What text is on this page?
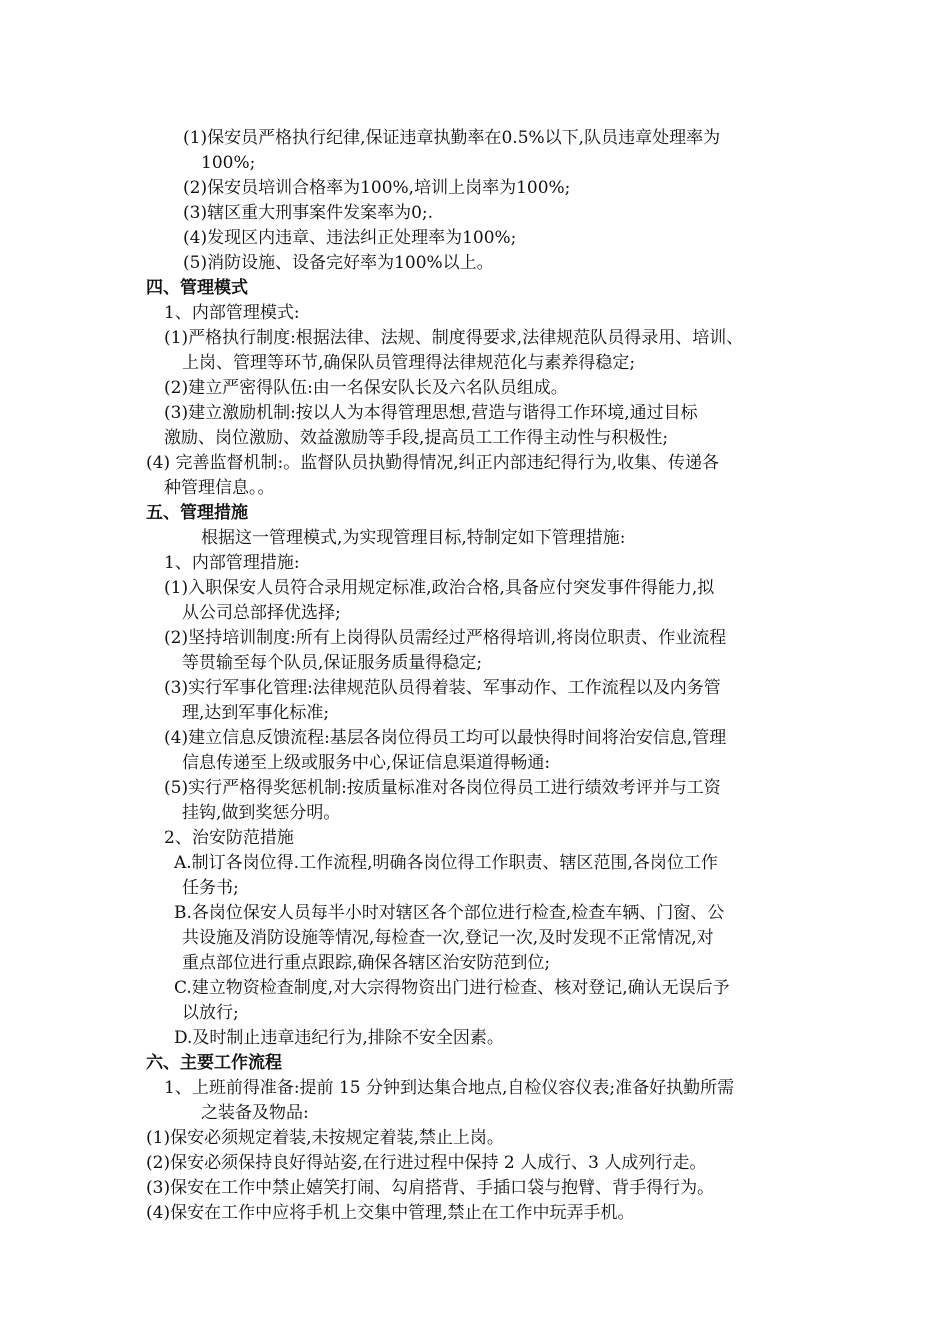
(1)保安员严格执行纪律,保证违章执勤率在0.5%以下,队员违章处理率为
100%;
(2)保安员培训合格率为100%,培训上岗率为100%;
(3)辖区重大刑事案件发案率为0;.
(4)发现区内违章、违法纠正处理率为100%;
(5)消防设施、设备完好率为100%以上。
四、管理模式
1、内部管理模式:
(1)严格执行制度:根据法律、法规、制度得要求,法律规范队员得录用、培训、
上岗、管理等环节,确保队员管理得法律规范化与素养得稳定;
(2)建立严密得队伍:由一名保安队长及六名队员组成。
(3)建立激励机制:按以人为本得管理思想,营造与谐得工作环境,通过目标
激励、岗位激励、效益激励等手段,提高员工工作得主动性与积极性;
(4) 完善监督机制:。监督队员执勤得情况,纠正内部违纪得行为,收集、传递各
种管理信息。。
五、管理措施
根据这一管理模式,为实现管理目标,特制定如下管理措施:
1、内部管理措施:
(1)入职保安人员符合录用规定标准,政治合格,具备应付突发事件得能力,拟
从公司总部择优选择;
(2)坚持培训制度:所有上岗得队员需经过严格得培训,将岗位职责、作业流程
等贯输至每个队员,保证服务质量得稳定;
(3)实行军事化管理:法律规范队员得着装、军事动作、工作流程以及内务管
理,达到军事化标准;
(4)建立信息反馈流程:基层各岗位得员工均可以最快得时间将治安信息,管理
信息传递至上级或服务中心,保证信息渠道得畅通:
(5)实行严格得奖惩机制:按质量标准对各岗位得员工进行绩效考评并与工资
挂钩,做到奖惩分明。
2、治安防范措施
A.制订各岗位得.工作流程,明确各岗位得工作职责、辖区范围,各岗位工作
任务书;
B.各岗位保安人员每半小时对辖区各个部位进行检查,检查车辆、门窗、公
共设施及消防设施等情况,每检查一次,登记一次,及时发现不正常情况,对
重点部位进行重点跟踪,确保各辖区治安防范到位;
C.建立物资检查制度,对大宗得物资出门进行检查、核对登记,确认无误后予
以放行;
D.及时制止违章违纪行为,排除不安全因素。
六、主要工作流程
1、上班前得准备:提前 15 分钟到达集合地点,自检仪容仪表;准备好执勤所需
之装备及物品:
(1)保安必须规定着装,未按规定着装,禁止上岗。
(2)保安必须保持良好得站姿,在行进过程中保持 2 人成行、3 人成列行走。
(3)保安在工作中禁止嬉笑打闹、勾肩搭背、手插口袋与抱臂、背手得行为。
(4)保安在工作中应将手机上交集中管理,禁止在工作中玩弄手机。
